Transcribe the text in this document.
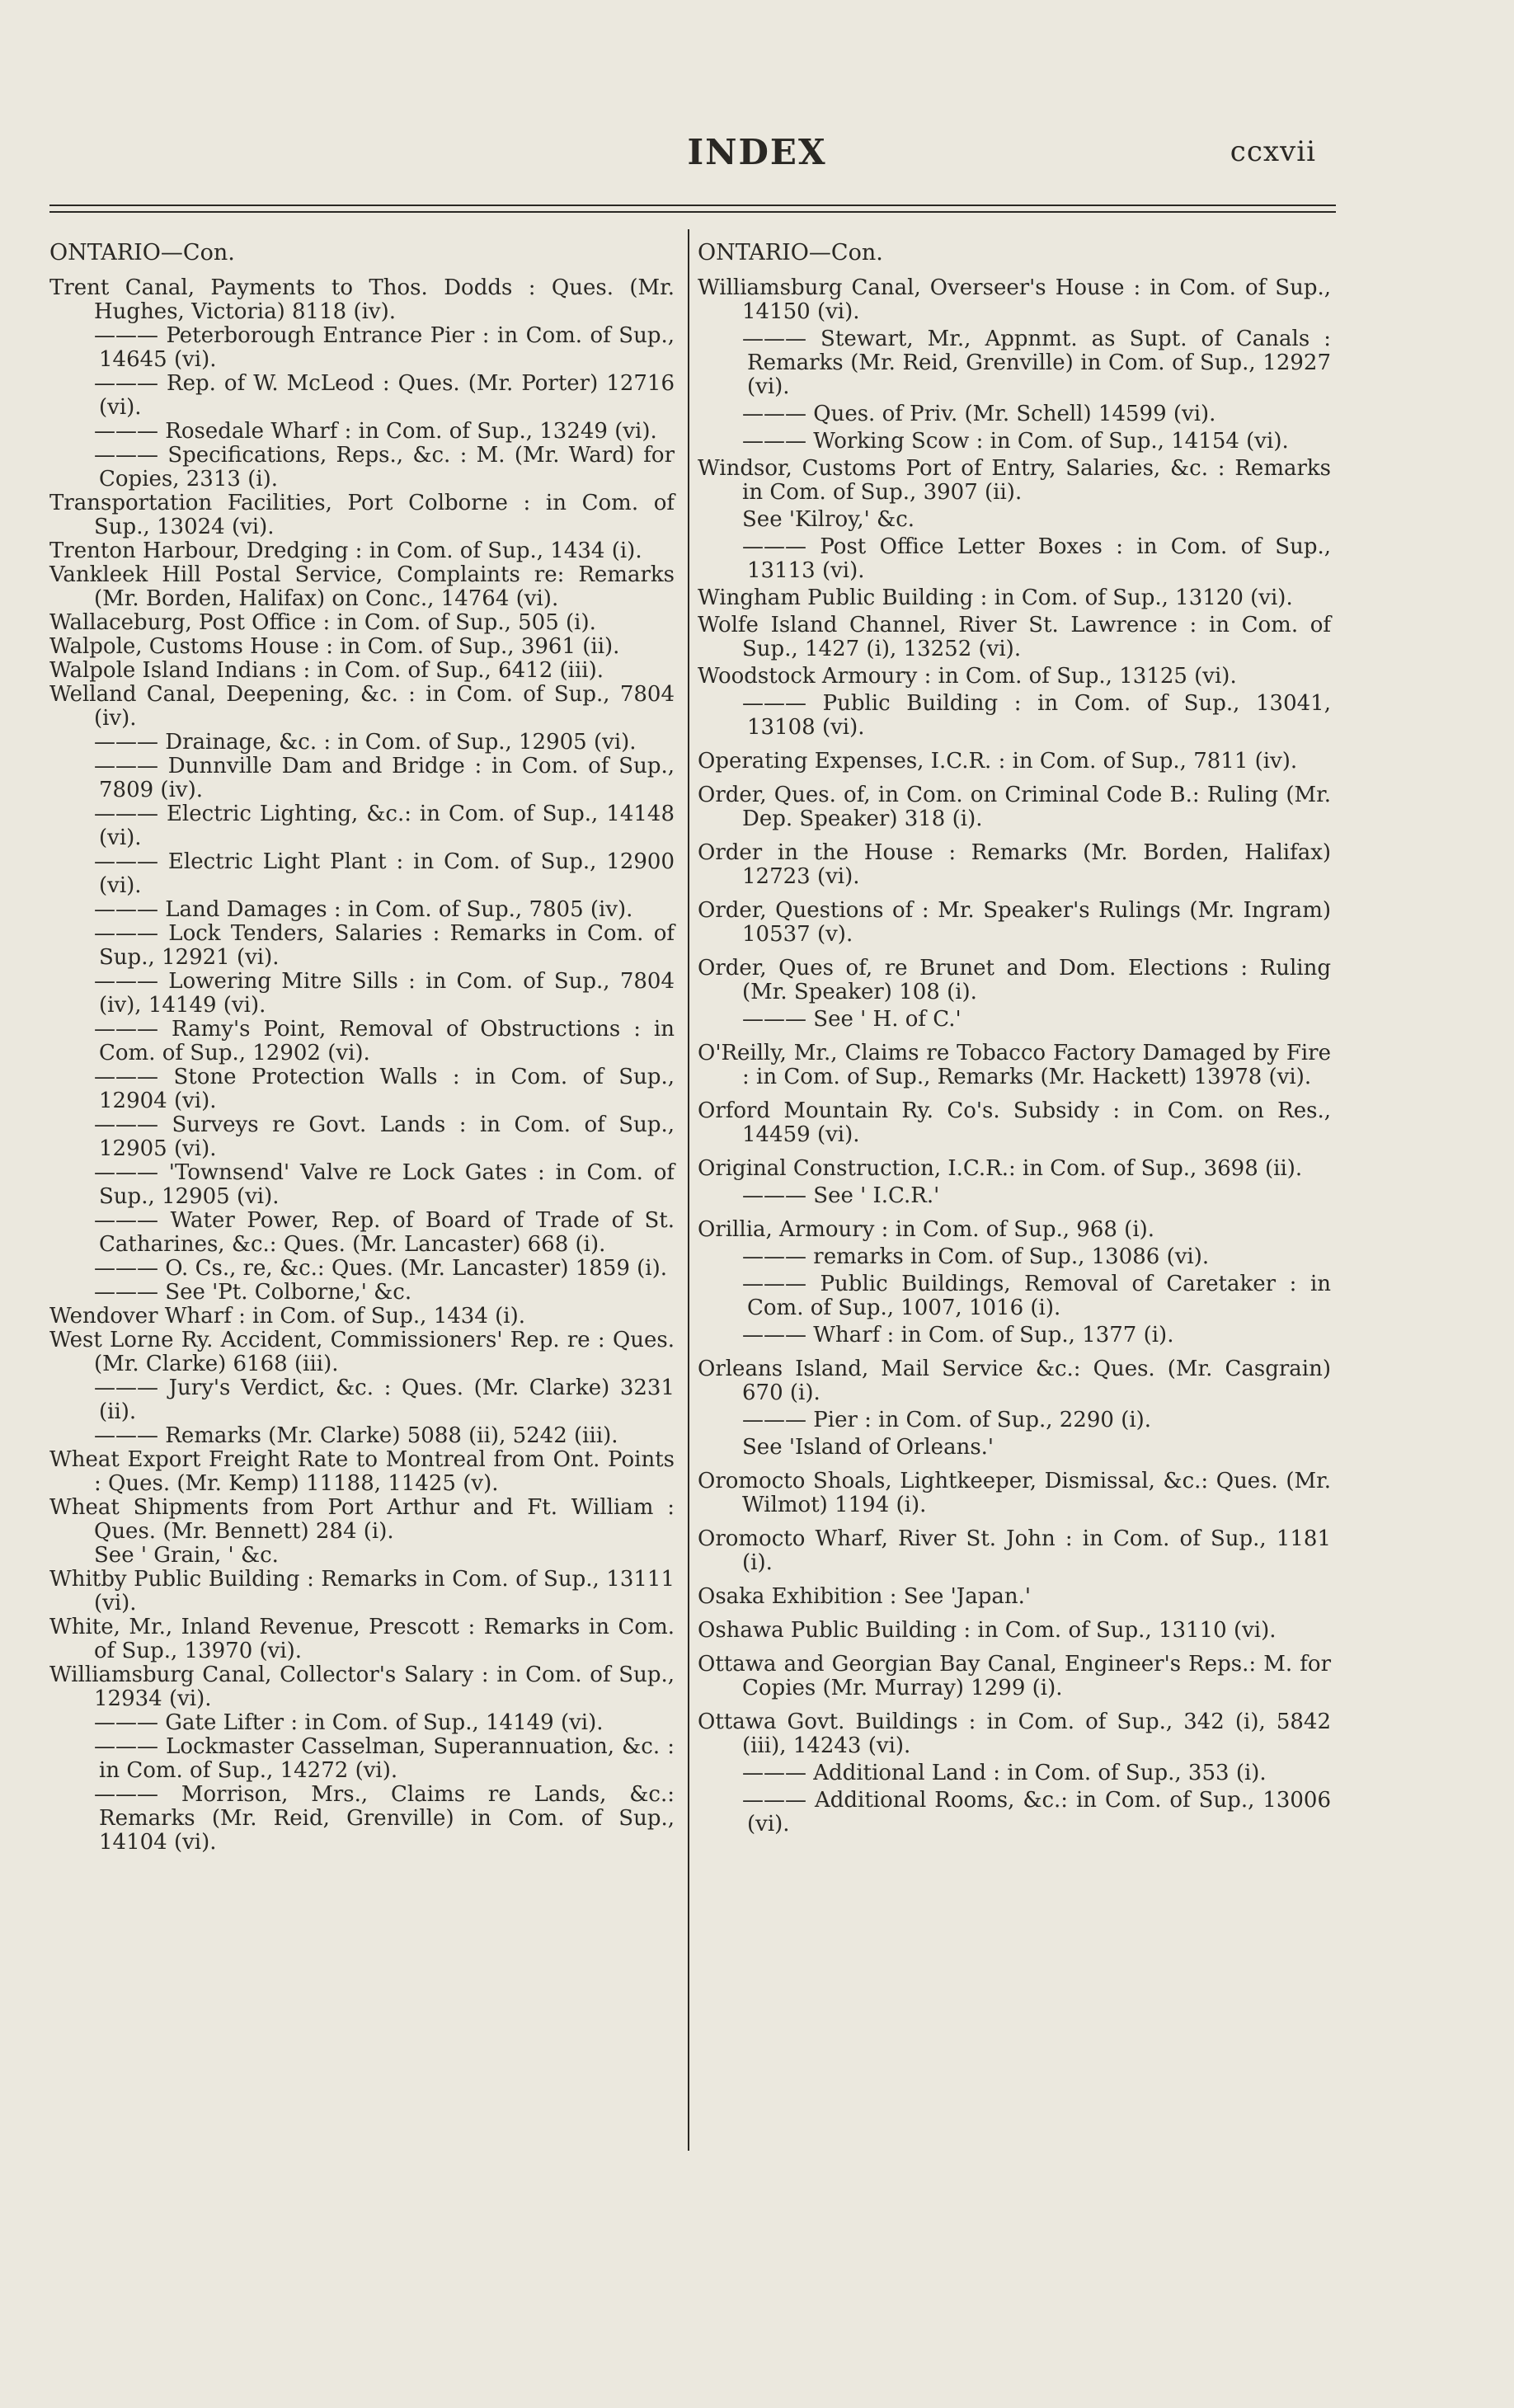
INDEX	ccxvii

ONTARIO—Con.

Trent Canal, Payments to Thos. Dodds : Ques. (Mr. Hughes, Victoria) 8118 (iv).

——— Peterborough Entrance Pier : in Com. of Sup., 14645 (vi).

——— Rep. of W. McLeod : Ques. (Mr. Porter) 12716 (vi).

——— Rosedale Wharf : in Com. of Sup., 13249 (vi).

——— Specifications, Reps., &c. : M. (Mr. Ward) for Copies, 2313 (i).

Transportation Facilities, Port Colborne : in Com. of Sup., 13024 (vi).

Trenton Harbour, Dredging : in Com. of Sup., 1434 (i).

Vankleek Hill Postal Service, Complaints re: Remarks (Mr. Borden, Halifax) on Conc., 14764 (vi).

Wallaceburg, Post Office : in Com. of Sup., 505 (i).

Walpole, Customs House : in Com. of Sup., 3961 (ii).

Walpole Island Indians : in Com. of Sup., 6412 (iii).

Welland Canal, Deepening, &c. : in Com. of Sup., 7804 (iv).

——— Drainage, &c. : in Com. of Sup., 12905 (vi).

——— Dunnville Dam and Bridge : in Com. of Sup., 7809 (iv).

——— Electric Lighting, &c.: in Com. of Sup., 14148 (vi).

——— Electric Light Plant : in Com. of Sup., 12900 (vi).

——— Land Damages : in Com. of Sup., 7805 (iv).

——— Lock Tenders, Salaries : Remarks in Com. of Sup., 12921 (vi).

——— Lowering Mitre Sills : in Com. of Sup., 7804 (iv), 14149 (vi).

——— Ramy's Point, Removal of Obstructions : in Com. of Sup., 12902 (vi).

——— Stone Protection Walls : in Com. of Sup., 12904 (vi).

——— Surveys re Govt. Lands : in Com. of Sup., 12905 (vi).

——— 'Townsend' Valve re Lock Gates : in Com. of Sup., 12905 (vi).

——— Water Power, Rep. of Board of Trade of St. Catharines, &c.: Ques. (Mr. Lancaster) 668 (i).

——— O. Cs., re, &c.: Ques. (Mr. Lancaster) 1859 (i).

——— See 'Pt. Colborne,' &c.

Wendover Wharf : in Com. of Sup., 1434 (i).

West Lorne Ry. Accident, Commissioners' Rep. re : Ques. (Mr. Clarke) 6168 (iii).

——— Jury's Verdict, &c. : Ques. (Mr. Clarke) 3231 (ii).

——— Remarks (Mr. Clarke) 5088 (ii), 5242 (iii).

Wheat Export Freight Rate to Montreal from Ont. Points : Ques. (Mr. Kemp) 11188, 11425 (v).

Wheat Shipments from Port Arthur and Ft. William : Ques. (Mr. Bennett) 284 (i).

See ' Grain, ' &c.

Whitby Public Building : Remarks in Com. of Sup., 13111 (vi).

White, Mr., Inland Revenue, Prescott : Remarks in Com. of Sup., 13970 (vi).

Williamsburg Canal, Collector's Salary : in Com. of Sup., 12934 (vi).

——— Gate Lifter : in Com. of Sup., 14149 (vi).

——— Lockmaster Casselman, Superannuation, &c. : in Com. of Sup., 14272 (vi).

——— Morrison, Mrs., Claims re Lands, &c.: Remarks (Mr. Reid, Grenville) in Com. of Sup., 14104 (vi).

ONTARIO—Con.

Williamsburg Canal, Overseer's House : in Com. of Sup., 14150 (vi).

——— Stewart, Mr., Appnmt. as Supt. of Canals : Remarks (Mr. Reid, Grenville) in Com. of Sup., 12927 (vi).

——— Ques. of Priv. (Mr. Schell) 14599 (vi).

——— Working Scow : in Com. of Sup., 14154 (vi).

Windsor, Customs Port of Entry, Salaries, &c. : Remarks in Com. of Sup., 3907 (ii).

See 'Kilroy,' &c.

——— Post Office Letter Boxes : in Com. of Sup., 13113 (vi).

Wingham Public Building : in Com. of Sup., 13120 (vi).

Wolfe Island Channel, River St. Lawrence : in Com. of Sup., 1427 (i), 13252 (vi).

Woodstock Armoury : in Com. of Sup., 13125 (vi).

——— Public Building : in Com. of Sup., 13041, 13108 (vi).

Operating Expenses, I.C.R. : in Com. of Sup., 7811 (iv).

Order, Ques. of, in Com. on Criminal Code B.: Ruling (Mr. Dep. Speaker) 318 (i).

Order in the House : Remarks (Mr. Borden, Halifax) 12723 (vi).

Order, Questions of : Mr. Speaker's Rulings (Mr. Ingram) 10537 (v).

Order, Ques of, re Brunet and Dom. Elections : Ruling (Mr. Speaker) 108 (i).

——— See ' H. of C.'

O'Reilly, Mr., Claims re Tobacco Factory Damaged by Fire : in Com. of Sup., Remarks (Mr. Hackett) 13978 (vi).

Orford Mountain Ry. Co's. Subsidy : in Com. on Res., 14459 (vi).

Original Construction, I.C.R.: in Com. of Sup., 3698 (ii).

——— See ' I.C.R.'

Orillia, Armoury : in Com. of Sup., 968 (i).

——— remarks in Com. of Sup., 13086 (vi).

——— Public Buildings, Removal of Caretaker : in Com. of Sup., 1007, 1016 (i).

——— Wharf : in Com. of Sup., 1377 (i).

Orleans Island, Mail Service &c.: Ques. (Mr. Casgrain) 670 (i).

——— Pier : in Com. of Sup., 2290 (i).

See 'Island of Orleans.'

Oromocto Shoals, Lightkeeper, Dismissal, &c.: Ques. (Mr. Wilmot) 1194 (i).

Oromocto Wharf, River St. John : in Com. of Sup., 1181 (i).

Osaka Exhibition : See 'Japan.'

Oshawa Public Building : in Com. of Sup., 13110 (vi).

Ottawa and Georgian Bay Canal, Engineer's Reps.: M. for Copies (Mr. Murray) 1299 (i).

Ottawa Govt. Buildings : in Com. of Sup., 342 (i), 5842 (iii), 14243 (vi).

——— Additional Land : in Com. of Sup., 353 (i).

——— Additional Rooms, &c.: in Com. of Sup., 13006 (vi).
